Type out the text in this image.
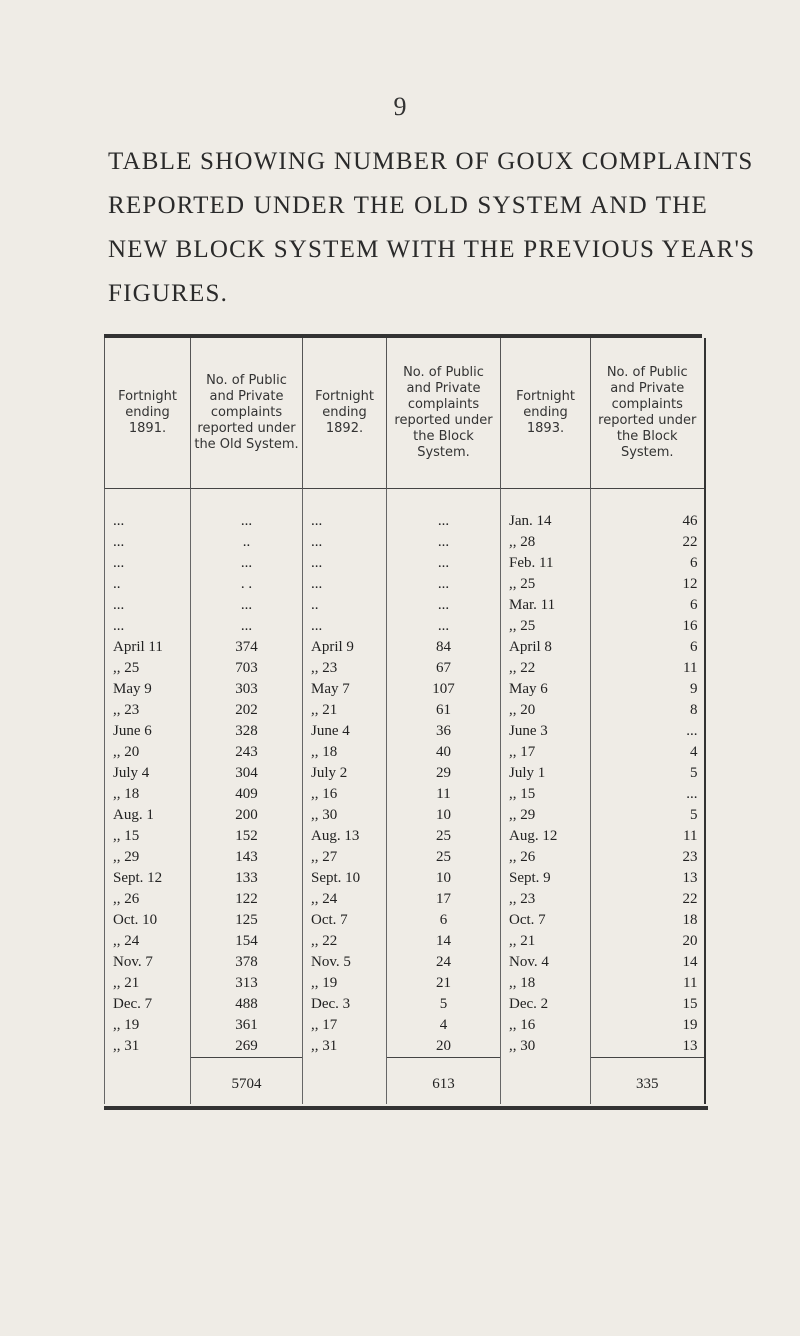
9
TABLE SHOWING NUMBER OF GOUX COMPLAINTS
REPORTED UNDER THE OLD SYSTEM AND THE
NEW BLOCK SYSTEM WITH THE PREVIOUS YEAR'S
FIGURES.
Fortnight ending 1891.	No. of Public and Private complaints reported under the Old System.	Fortnight ending 1892.	No. of Public and Private complaints reported under the Block System.	Fortnight ending 1893.	No. of Public and Private complaints reported under the Block System.
...	...	...	...	Jan. 14	46
...	..	...	...	,, 28	22
...	...	...	...	Feb. 11	6
..	. .	...	...	,, 25	12
...	...	..	...	Mar. 11	6
...	...	...	...	,, 25	16
April 11	374	April 9	84	April 8	6
,, 25	703	,, 23	67	,, 22	11
May 9	303	May 7	107	May 6	9
,, 23	202	,, 21	61	,, 20	8
June 6	328	June 4	36	June 3	...
,, 20	243	,, 18	40	,, 17	4
July 4	304	July 2	29	July 1	5
,, 18	409	,, 16	11	,, 15	...
Aug. 1	200	,, 30	10	,, 29	5
,, 15	152	Aug. 13	25	Aug. 12	11
,, 29	143	,, 27	25	,, 26	23
Sept. 12	133	Sept. 10	10	Sept. 9	13
,, 26	122	,, 24	17	,, 23	22
Oct. 10	125	Oct. 7	6	Oct. 7	18
,, 24	154	,, 22	14	,, 21	20
Nov. 7	378	Nov. 5	24	Nov. 4	14
,, 21	313	,, 19	21	,, 18	11
Dec. 7	488	Dec. 3	5	Dec. 2	15
,, 19	361	,, 17	4	,, 16	19
,, 31	269	,, 31	20	,, 30	13
	5704		613		335
